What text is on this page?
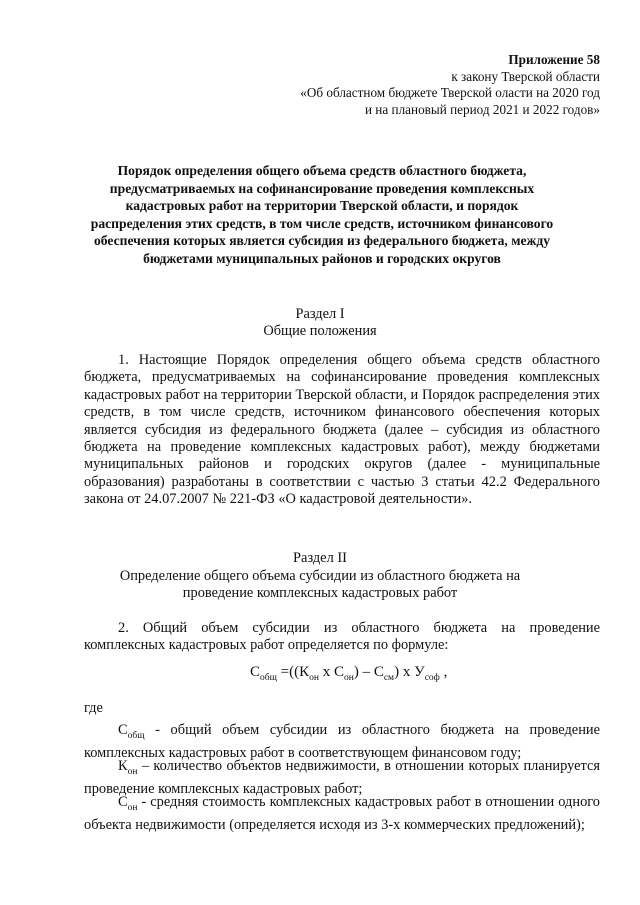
Приложение 58
к закону Тверской области
«Об областном бюджете Тверской оласти на 2020 год
и на плановый период 2021 и 2022 годов»
Порядок определения общего объема средств областного бюджета, предусматриваемых на софинансирование проведения комплексных кадастровых работ на территории Тверской области, и порядок распределения этих средств, в том числе средств, источником финансового обеспечения которых является субсидия из федерального бюджета, между бюджетами муниципальных районов и городских округов
Раздел I
Общие положения

1. Настоящие Порядок определения общего объема средств областного бюджета, предусматриваемых на софинансирование проведения комплексных кадастровых работ на территории Тверской области, и Порядок распределения этих средств, в том числе средств, источником финансового обеспечения которых является субсидия из федерального бюджета (далее – субсидия из областного бюджета на проведение комплексных кадастровых работ), между бюджетами муниципальных районов и городских округов (далее - муниципальные образования) разработаны в соответствии с частью 3 статьи 42.2 Федерального закона от 24.07.2007 № 221-ФЗ «О кадастровой деятельности».

Раздел II
Определение общего объема субсидии из областного бюджета на
проведение комплексных кадастровых работ

2. Общий объем субсидии из областного бюджета на проведение комплексных кадастровых работ определяется по формуле:

$С_{общ} =((К_{он}$ х $С_{он}) - С_{см}$) х $У_{соф}$ ,
где

$С_{общ}$ - общий объем субсидии из областного бюджета на проведение комплексных кадастровых работ в соответствующем финансовом году;

$К_{он}$ – количество объектов недвижимости, в отношении которых планируется проведение комплексных кадастровых работ;

$С_{он}$ - средняя стоимость комплексных кадастровых работ в отношении одного объекта недвижимости (определяется исходя из 3-х коммерческих предложений);
